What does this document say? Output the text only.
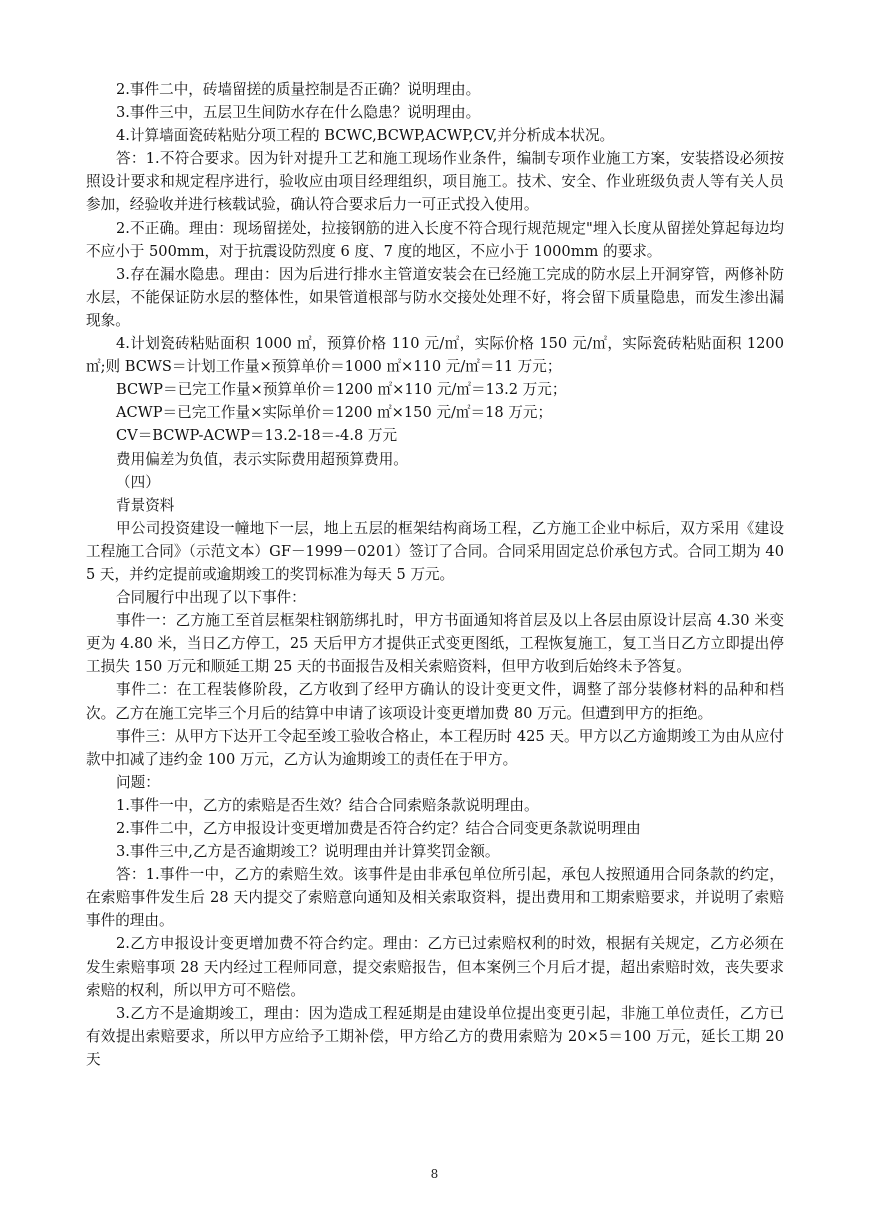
2.事件二中，砖墙留搓的质量控制是否正确？说明理由。

3.事件三中，五层卫生间防水存在什么隐患？说明理由。

4.计算墙面瓷砖粘贴分项工程的 BCWC,BCWP,ACWP,CV,并分析成本状况。

答：1.不符合要求。因为针对提升工艺和施工现场作业条件，编制专项作业施工方案，安装搭设必须按照设计要求和规定程序进行，验收应由项目经理组织，项目施工。技术、安全、作业班级负责人等有关人员参加，经验收并进行核载试验，确认符合要求后力一可正式投入使用。

2.不正确。理由：现场留搓处，拉接钢筋的进入长度不符合现行规范规定"埋入长度从留搓处算起每边均不应小于 500mm，对于抗震设防烈度 6 度、7 度的地区，不应小于 1000mm 的要求。

3.存在漏水隐患。理由：因为后进行排水主管道安装会在已经施工完成的防水层上开洞穿管，两修补防水层，不能保证防水层的整体性，如果管道根部与防水交接处处理不好，将会留下质量隐患，而发生渗出漏现象。

4.计划瓷砖粘贴面积 1000 ㎡，预算价格 110 元/㎡，实际价格 150 元/㎡，实际瓷砖粘贴面积 1200 ㎡;则 BCWS＝计划工作量×预算单价＝1000 ㎡×110 元/㎡＝11 万元；

BCWP＝已完工作量×预算单价＝1200 ㎡×110 元/㎡＝13.2 万元；

ACWP＝已完工作量×实际单价＝1200 ㎡×150 元/㎡＝18 万元；

CV＝BCWP-ACWP＝13.2-18＝-4.8 万元

费用偏差为负值，表示实际费用超预算费用。

（四）

背景资料

甲公司投资建设一幢地下一层，地上五层的框架结构商场工程，乙方施工企业中标后，双方采用《建设工程施工合同》（示范文本）GF－1999－0201）签订了合同。合同采用固定总价承包方式。合同工期为 405 天，并约定提前或逾期竣工的奖罚标准为每天 5 万元。

合同履行中出现了以下事件：

事件一：乙方施工至首层框架柱钢筋绑扎时，甲方书面通知将首层及以上各层由原设计层高 4.30 米变更为 4.80 米，当日乙方停工，25 天后甲方才提供正式变更图纸，工程恢复施工，复工当日乙方立即提出停工损失 150 万元和顺延工期 25 天的书面报告及相关索赔资料，但甲方收到后始终未予答复。

事件二：在工程装修阶段，乙方收到了经甲方确认的设计变更文件，调整了部分装修材料的品种和档次。乙方在施工完毕三个月后的结算中申请了该项设计变更增加费 80 万元。但遭到甲方的拒绝。

事件三：从甲方下达开工令起至竣工验收合格止，本工程历时 425 天。甲方以乙方逾期竣工为由从应付款中扣减了违约金 100 万元，乙方认为逾期竣工的责任在于甲方。

问题：

1.事件一中，乙方的索赔是否生效？结合合同索赔条款说明理由。

2.事件二中，乙方申报设计变更增加费是否符合约定？结合合同变更条款说明理由

3.事件三中,乙方是否逾期竣工？说明理由并计算奖罚金额。

答：1.事件一中，乙方的索赔生效。该事件是由非承包单位所引起，承包人按照通用合同条款的约定，在索赔事件发生后 28 天内提交了索赔意向通知及相关索取资料，提出费用和工期索赔要求，并说明了索赔事件的理由。

2.乙方申报设计变更增加费不符合约定。理由：乙方已过索赔权利的时效，根据有关规定，乙方必须在发生索赔事项 28 天内经过工程师同意，提交索赔报告，但本案例三个月后才提，超出索赔时效，丧失要求索赔的权利，所以甲方可不赔偿。

3.乙方不是逾期竣工，理由：因为造成工程延期是由建设单位提出变更引起，非施工单位责任，乙方已有效提出索赔要求，所以甲方应给予工期补偿，甲方给乙方的费用索赔为 20×5＝100 万元，延长工期 20 天

8
